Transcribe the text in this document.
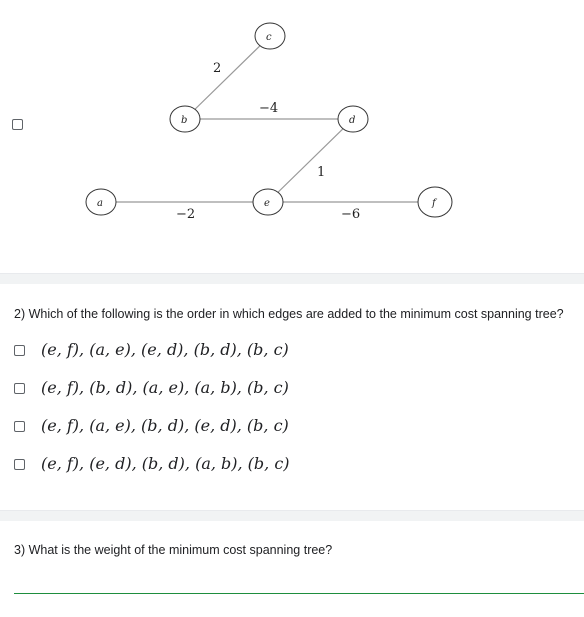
2
−4
1
−2	−6
c
b	d
a	e	f
2) Which of the following is the order in which edges are added to the minimum cost spanning tree?
(e, f), (a, e), (e, d), (b, d), (b, c)
(e, f), (b, d), (a, e), (a, b), (b, c)
(e, f), (a, e), (b, d), (e, d), (b, c)
(e, f), (e, d), (b, d), (a, b), (b, c)
3) What is the weight of the minimum cost spanning tree?
